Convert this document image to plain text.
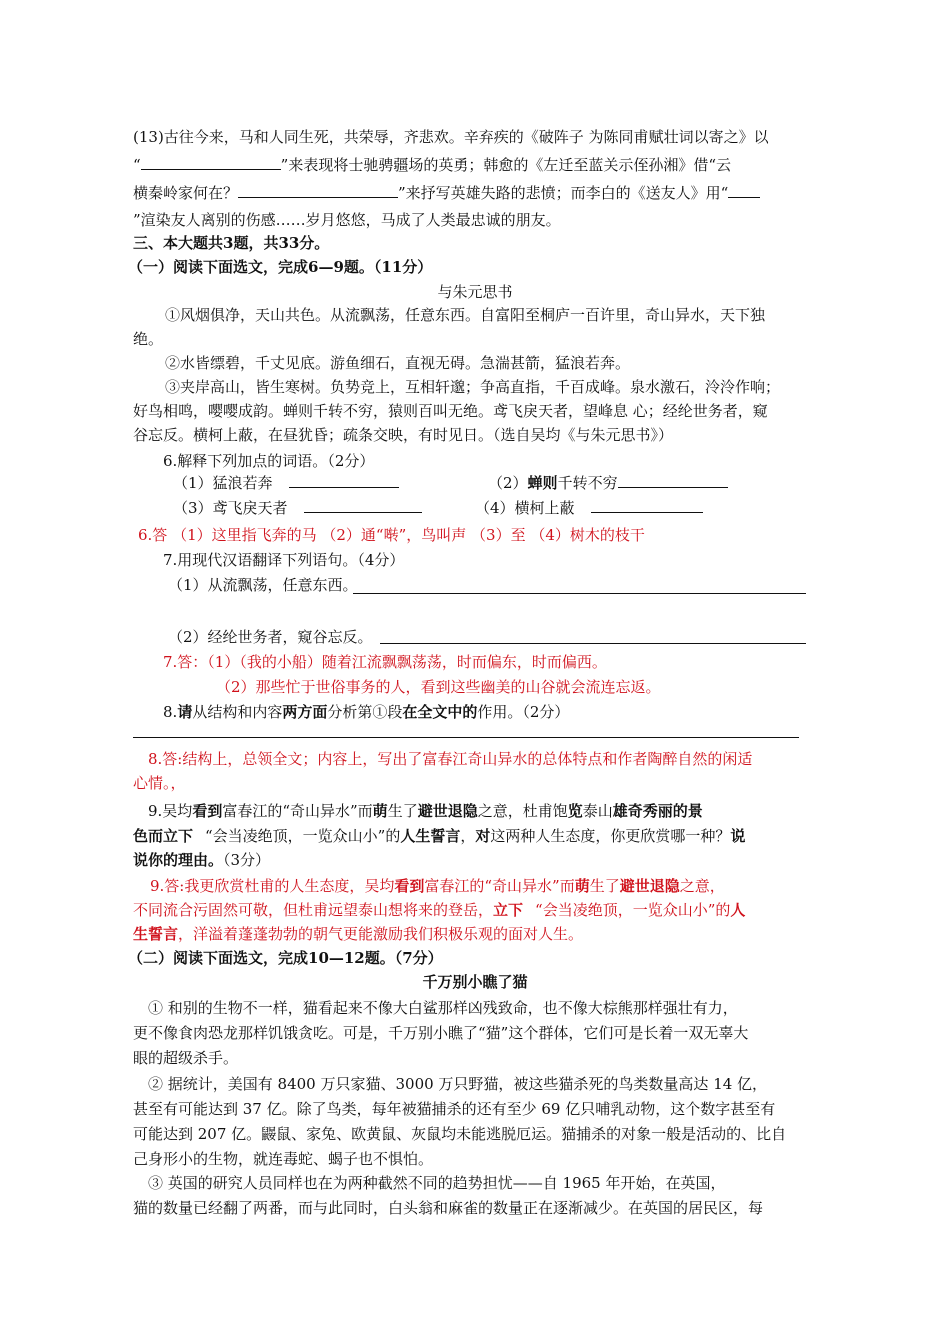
(13)古往今来，马和人同生死，共荣辱，齐悲欢。辛弃疾的《破阵子 为陈同甫赋壮词以寄之》以
“	”来表现将士驰骋疆场的英勇；韩愈的《左迁至蓝关示侄孙湘》借“云
横秦岭家何在？	”来抒写英雄失路的悲愤；而李白的《送友人》用“
”渲染友人离别的伤感……岁月悠悠，马成了人类最忠诚的朋友。
三、本大题共3题，共33分。
（一）阅读下面选文，完成6—9题。（11分）
与朱元思书
①风烟俱净，天山共色。从流飘荡，任意东西。自富阳至桐庐一百许里，奇山异水，天下独
绝。
②水皆缥碧，千丈见底。游鱼细石，直视无碍。急湍甚箭，猛浪若奔。
③夹岸高山，皆生寒树。负势竞上，互相轩邈；争高直指，千百成峰。泉水激石，泠泠作响；
好鸟相鸣，嘤嘤成韵。蝉则千转不穷，猿则百叫无绝。鸢飞戾天者，望峰息 心；经纶世务者，窥
谷忘反。横柯上蔽，在昼犹昏；疏条交映，有时见日。（选自吴均《与朱元思书》）
6.解释下列加点的词语。（2分）
（1）猛浪若奔	（2）蝉则千转不穷
（3）鸢飞戾天者	（4）横柯上蔽
6.答 （1）这里指飞奔的马 （2）通“啭”，鸟叫声 （3）至 （4）树木的枝干
7.用现代汉语翻译下列语句。（4分）
（1）从流飘荡，任意东西。
（2）经纶世务者，窥谷忘反。
7.答：（1）（我的小船）随着江流飘飘荡荡，时而偏东，时而偏西。
（2）那些忙于世俗事务的人，看到这些幽美的山谷就会流连忘返。
8.请从结构和内容两方面分析第①段在全文中的作用。（2分）
8.答:结构上，总领全文；内容上，写出了富春江奇山异水的总体特点和作者陶醉自然的闲适
心情。，
9.吴均看到富春江的“奇山异水”而萌生了避世退隐之意，杜甫饱览泰山雄奇秀丽的景
色而立下 “会当凌绝顶，一览众山小”的人生誓言，对这两种人生态度，你更欣赏哪一种？说
说你的理由。（3分）
9.答:我更欣赏杜甫的人生态度，吴均看到富春江的“奇山异水”而萌生了避世退隐之意，
不同流合污固然可敬，但杜甫远望泰山想将来的登岳，立下 “会当凌绝顶，一览众山小”的人
生誓言，洋溢着蓬蓬勃勃的朝气更能激励我们积极乐观的面对人生。
（二）阅读下面选文，完成10—12题。（7分）
千万别小瞧了猫
① 和别的生物不一样，猫看起来不像大白鲨那样凶残致命，也不像大棕熊那样强壮有力，
更不像食肉恐龙那样饥饿贪吃。可是，千万别小瞧了“猫”这个群体，它们可是长着一双无辜大
眼的超级杀手。
② 据统计，美国有 8400 万只家猫、3000 万只野猫，被这些猫杀死的鸟类数量高达 14 亿，
甚至有可能达到 37 亿。除了鸟类，每年被猫捕杀的还有至少 69 亿只哺乳动物，这个数字甚至有
可能达到 207 亿。鼹鼠、家兔、欧黄鼠、灰鼠均未能逃脱厄运。猫捕杀的对象一般是活动的、比自
己身形小的生物，就连毒蛇、蝎子也不惧怕。
③ 英国的研究人员同样也在为两种截然不同的趋势担忧——自 1965 年开始，在英国，
猫的数量已经翻了两番，而与此同时，白头翁和麻雀的数量正在逐渐减少。在英国的居民区，每
